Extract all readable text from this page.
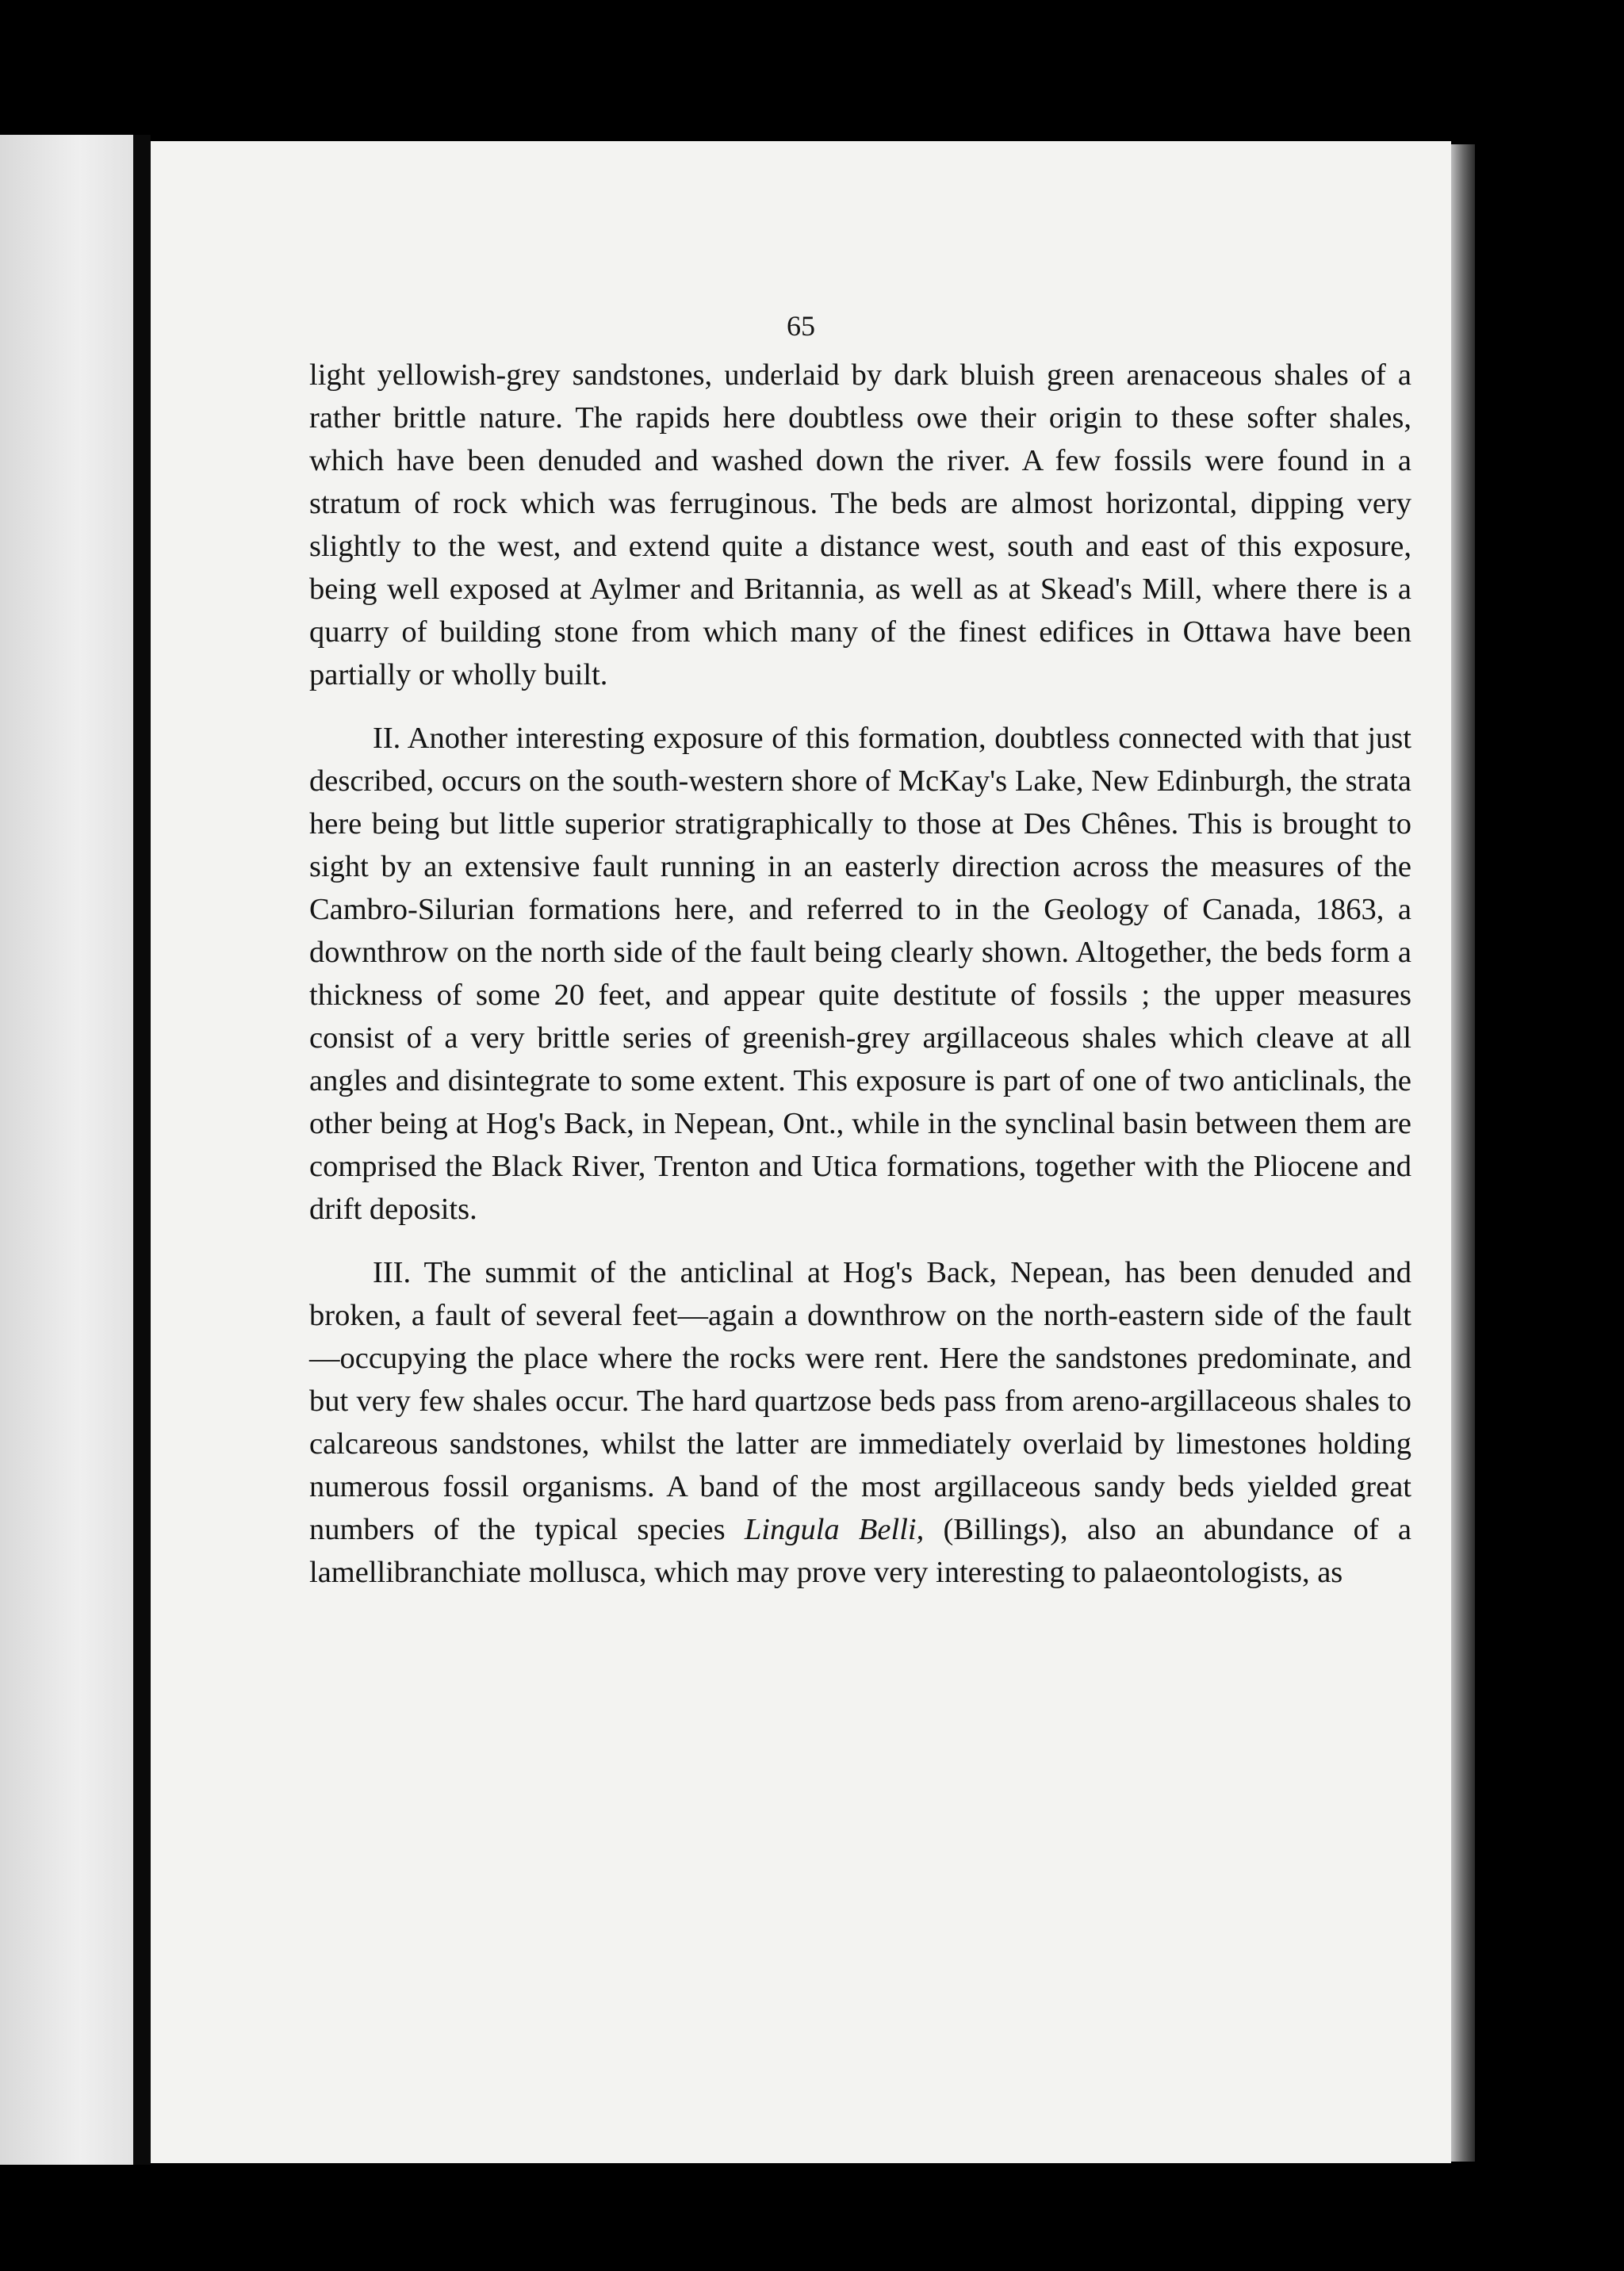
65

light yellowish-grey sandstones, underlaid by dark bluish green arenaceous shales of a rather brittle nature. The rapids here doubtless owe their origin to these softer shales, which have been denuded and washed down the river. A few fossils were found in a stratum of rock which was ferruginous. The beds are almost horizontal, dipping very slightly to the west, and extend quite a distance west, south and east of this exposure, being well exposed at Aylmer and Britannia, as well as at Skead's Mill, where there is a quarry of building stone from which many of the finest edifices in Ottawa have been partially or wholly built.

II. Another interesting exposure of this formation, doubtless connected with that just described, occurs on the south-western shore of McKay's Lake, New Edinburgh, the strata here being but little superior stratigraphically to those at Des Chênes. This is brought to sight by an extensive fault running in an easterly direction across the measures of the Cambro-Silurian formations here, and referred to in the Geology of Canada, 1863, a downthrow on the north side of the fault being clearly shown. Altogether, the beds form a thickness of some 20 feet, and appear quite destitute of fossils ; the upper measures consist of a very brittle series of greenish-grey argillaceous shales which cleave at all angles and disintegrate to some extent. This exposure is part of one of two anticlinals, the other being at Hog's Back, in Nepean, Ont., while in the synclinal basin between them are comprised the Black River, Trenton and Utica formations, together with the Pliocene and drift deposits.

III. The summit of the anticlinal at Hog's Back, Nepean, has been denuded and broken, a fault of several feet—again a downthrow on the north-eastern side of the fault—occupying the place where the rocks were rent. Here the sandstones predominate, and but very few shales occur. The hard quartzose beds pass from areno-argillaceous shales to calcareous sandstones, whilst the latter are immediately overlaid by limestones holding numerous fossil organisms. A band of the most argillaceous sandy beds yielded great numbers of the typical species Lingula Belli, (Billings), also an abundance of a lamellibranchiate mollusca, which may prove very interesting to palaeontologists, as
